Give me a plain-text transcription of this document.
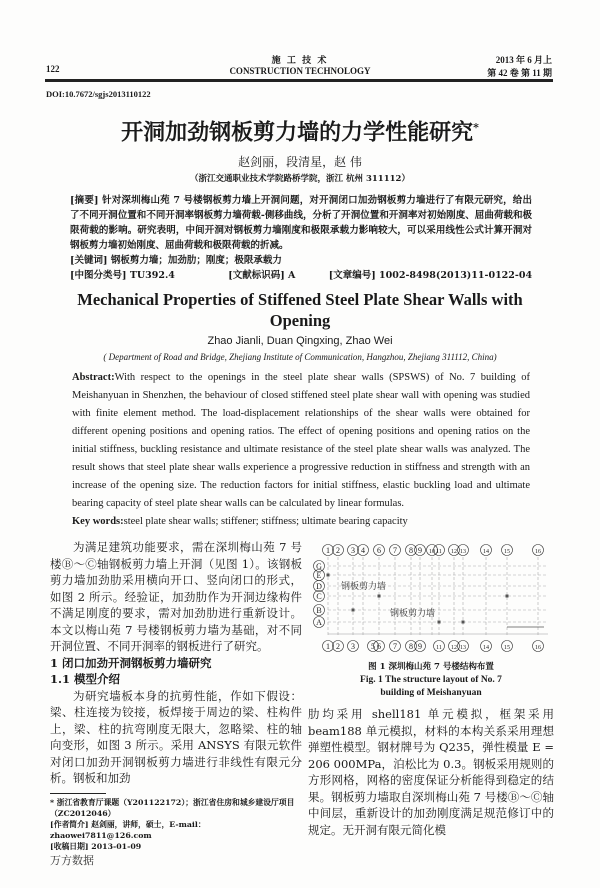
122
施 工 技 术
CONSTRUCTION TECHNOLOGY
2013 年 6 月上
第 42 卷 第 11 期
DOI:10.7672/sgjs2013110122
开洞加劲钢板剪力墙的力学性能研究*
赵剑丽，段清星，赵 伟
（浙江交通职业技术学院路桥学院，浙江 杭州 311112）
[摘要] 针对深圳梅山苑 7 号楼钢板剪力墙上开洞问题，对开洞闭口加劲钢板剪力墙进行了有限元研究，给出了不同开洞位置和不同开洞率钢板剪力墙荷载-侧移曲线，分析了开洞位置和开洞率对初始刚度、屈曲荷载和极限荷载的影响。研究表明，中间开洞对钢板剪力墙刚度和极限承载力影响较大，可以采用线性公式计算开洞对钢板剪力墙初始刚度、屈曲荷载和极限荷载的折减。
[关键词] 钢板剪力墙；加劲肋；刚度；极限承载力
[中图分类号] TU392.4	[文献标识码] A	[文章编号] 1002-8498(2013)11-0122-04
Mechanical Properties of Stiffened Steel Plate Shear Walls with Opening
Zhao Jianli, Duan Qingxing, Zhao Wei
( Department of Road and Bridge, Zhejiang Institute of Communication, Hangzhou, Zhejiang 311112, China)
Abstract:With respect to the openings in the steel plate shear walls (SPSWS) of No. 7 building of Meishanyuan in Shenzhen, the behaviour of closed stiffened steel plate shear wall with opening was studied with finite element method. The load-displacement relationships of the shear walls were obtained for different opening positions and opening ratios. The effect of opening positions and opening ratios on the initial stiffness, buckling resistance and ultimate resistance of the steel plate shear walls was analyzed. The result shows that steel plate shear walls experience a progressive reduction in stiffness and strength with an increase of the opening size. The reduction factors for initial stiffness, elastic buckling load and ultimate bearing capacity of steel plate shear walls can be calculated by linear formulas.
Key words:steel plate shear walls; stiffener; stiffness; ultimate bearing capacity
为满足建筑功能要求，需在深圳梅山苑 7 号楼Ⓑ～Ⓒ轴钢板剪力墙上开洞（见图 1）。该钢板剪力墙加劲肋采用横向开口、竖向闭口的形式，如图 2 所示。经验证，加劲肋作为开洞边缘构件不满足刚度的要求，需对加劲肋进行重新设计。本文以梅山苑 7 号楼钢板剪力墙为基础，对不同开洞位置、不同开洞率的钢板进行了研究。
1 闭口加劲开洞钢板剪力墙研究
1.1 模型介绍
为研究墙板本身的抗剪性能，作如下假设：梁、柱连接为铰接，板焊接于周边的梁、柱构件上，梁、柱的抗弯刚度无限大，忽略梁、柱的轴向变形，如图 3 所示。采用 ANSYS 有限元软件对闭口加劲开洞钢板剪力墙进行非线性有限元分析。钢板和加劲
* 浙江省教育厅课题（Y201122172）；浙江省住房和城乡建设厅项目（ZC2012046）
[作者简介] 赵剑丽，讲师，硕士，E-mail：zhaowei7811@126.com
[收稿日期] 2013-01-09
万方数据
1 2 3 4 6 7 8 9 10 11 12 13	14	15	16
1 2 3 5 6 7 8 9 11 12 13	14	15	16
G
E
D
C
B
A
钢板剪力墙
钢板剪力墙
图 1 深圳梅山苑 7 号楼结构布置
Fig. 1 The structure layout of No. 7
building of Meishanyuan
肋均采用 shell181 单元模拟，框架采用 beam188 单元模拟，材料的本构关系采用理想弹塑性模型。钢材牌号为 Q235，弹性模量 E = 206 000MPa，泊松比为 0.3。钢板采用规则的方形网格，网格的密度保证分析能得到稳定的结果。钢板剪力墙取自深圳梅山苑 7 号楼Ⓑ～Ⓒ轴中间层，重新设计的加劲刚度满足规范修订中的规定。无开洞有限元简化模
